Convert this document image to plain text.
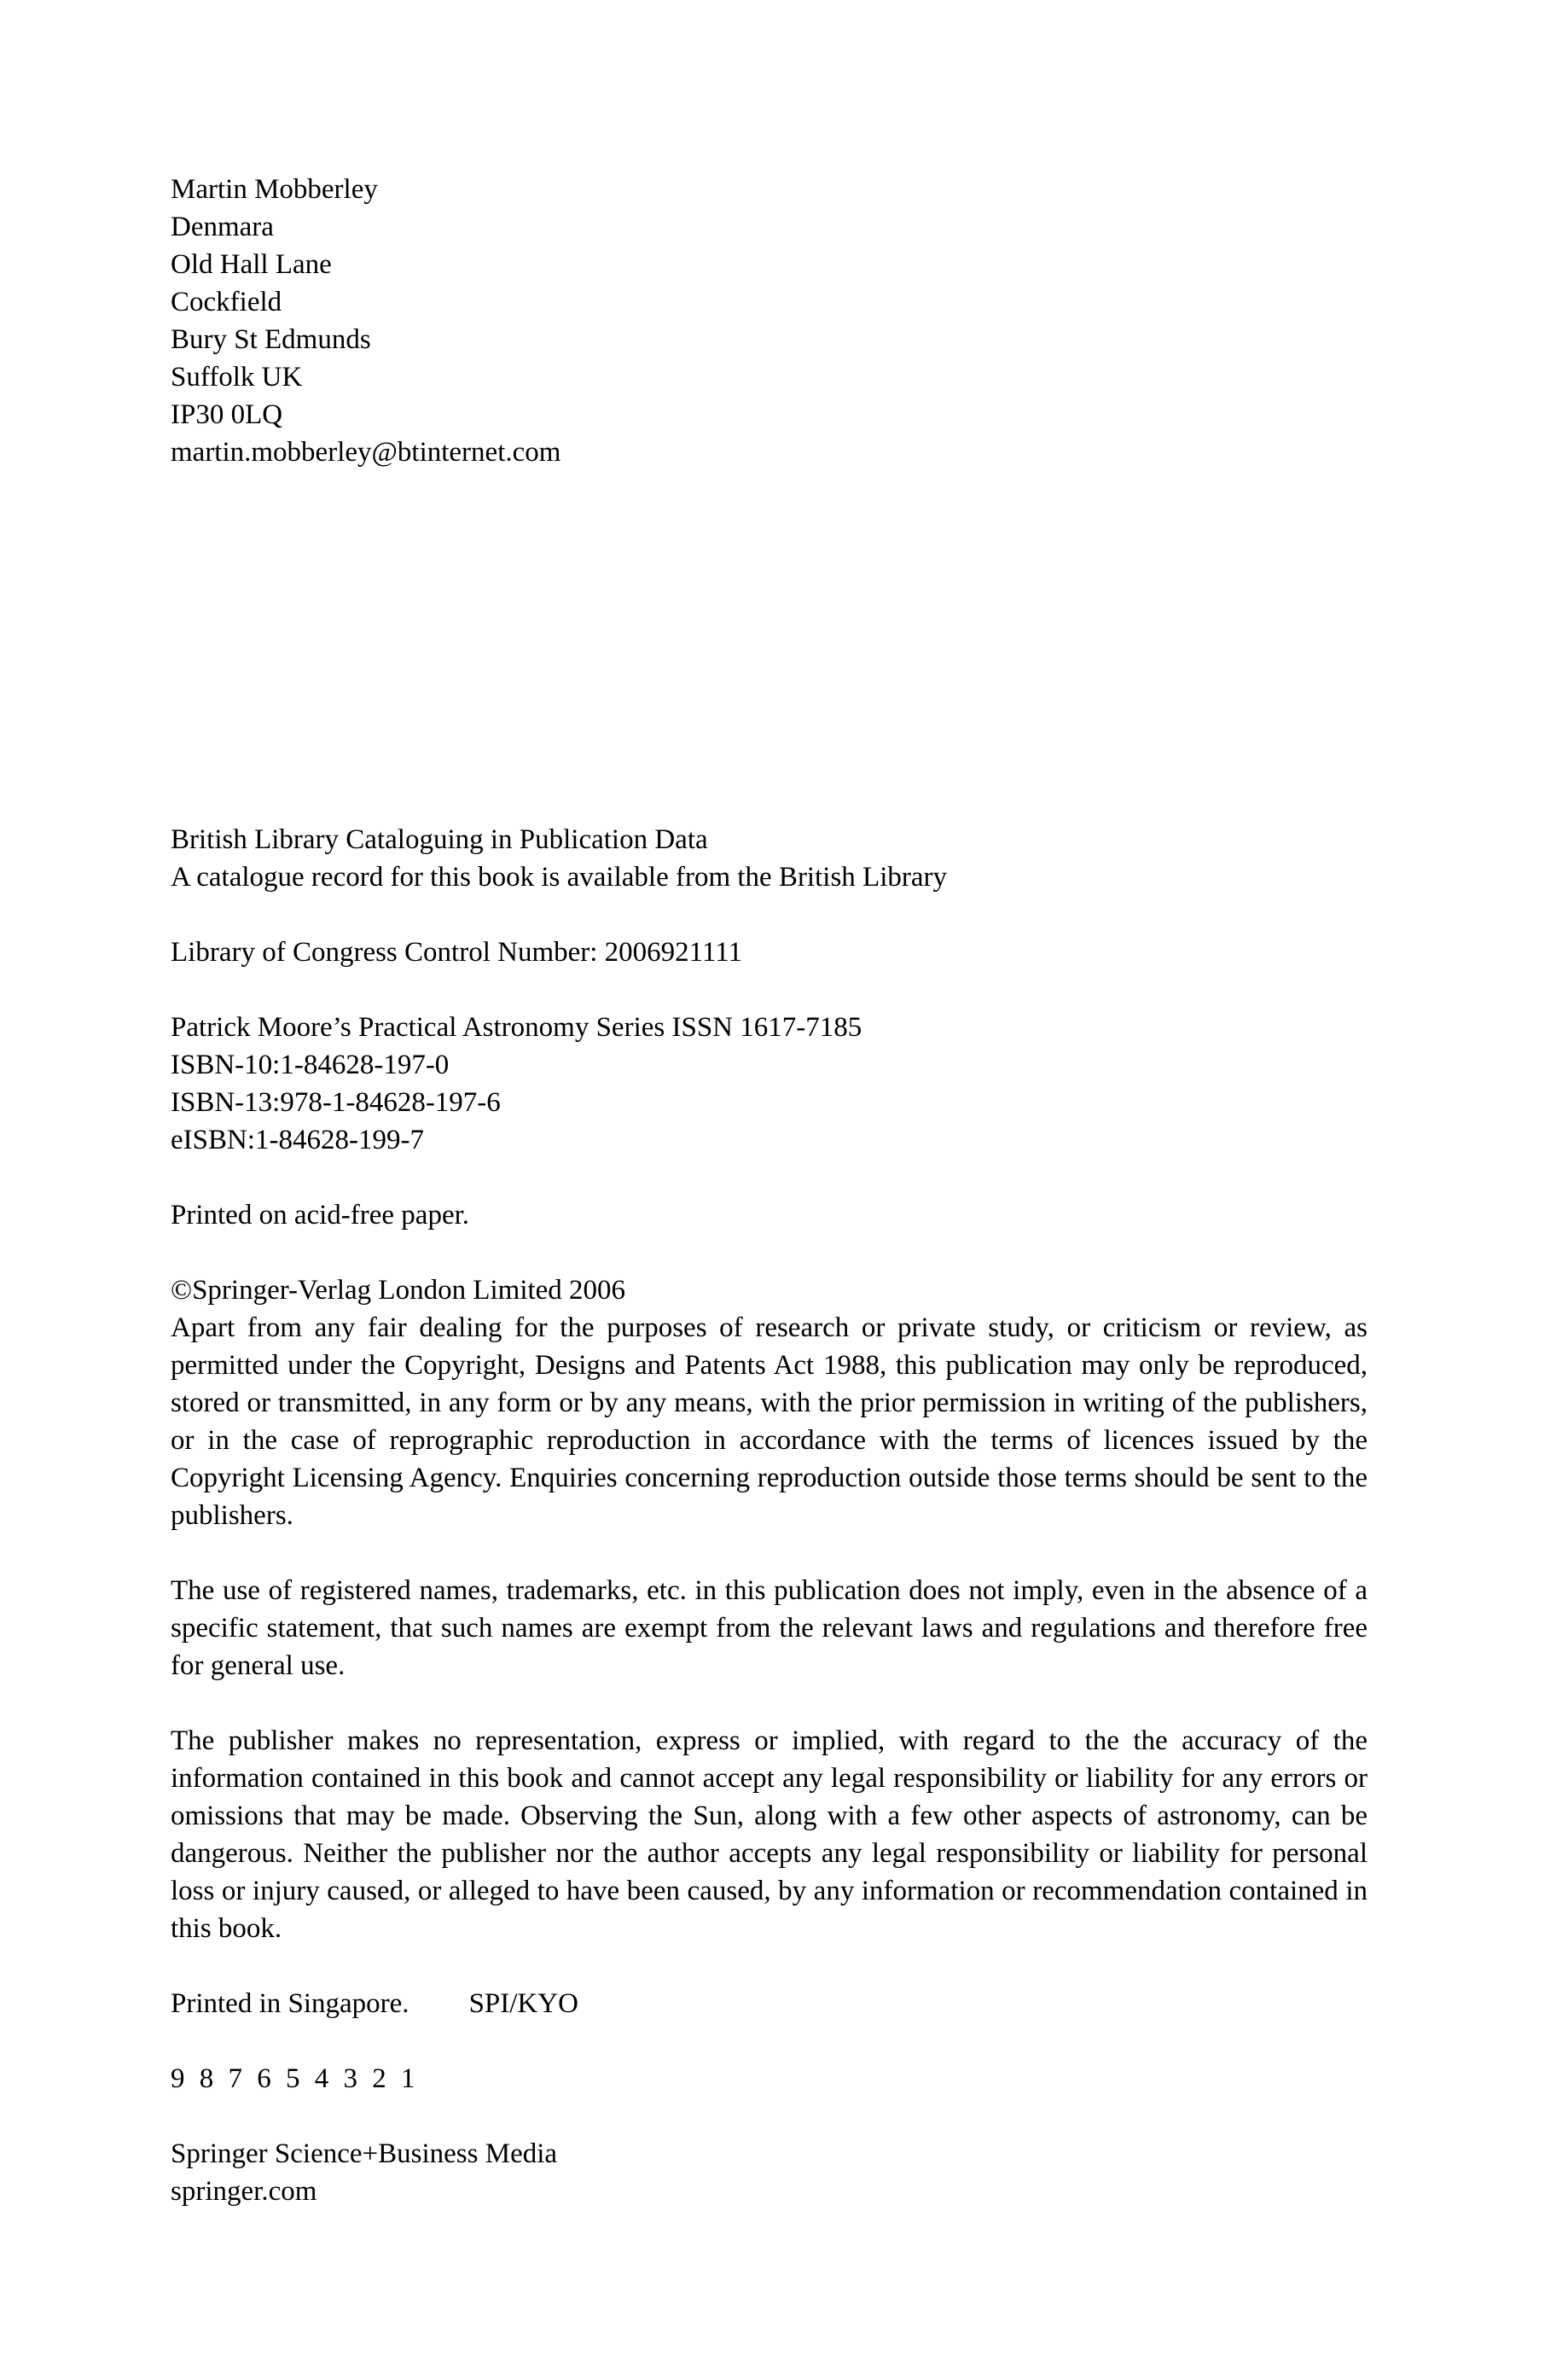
Martin Mobberley
Denmara
Old Hall Lane
Cockfield
Bury St Edmunds
Suffolk UK
IP30 0LQ
martin.mobberley@btinternet.com
British Library Cataloguing in Publication Data
A catalogue record for this book is available from the British Library
Library of Congress Control Number: 2006921111
Patrick Moore’s Practical Astronomy Series ISSN 1617-7185
ISBN-10:1-84628-197-0
ISBN-13:978-1-84628-197-6
eISBN:1-84628-199-7
Printed on acid-free paper.
©Springer-Verlag London Limited 2006

Apart from any fair dealing for the purposes of research or private study, or criticism or review, as permitted under the Copyright, Designs and Patents Act 1988, this publication may only be reproduced, stored or transmitted, in any form or by any means, with the prior permission in writing of the publishers, or in the case of reprographic reproduction in accordance with the terms of licences issued by the Copyright Licensing Agency. Enquiries concerning reproduction outside those terms should be sent to the publishers.

The use of registered names, trademarks, etc. in this publication does not imply, even in the absence of a specific statement, that such names are exempt from the relevant laws and regulations and therefore free for general use.

The publisher makes no representation, express or implied, with regard to the the accuracy of the information contained in this book and cannot accept any legal responsibility or liability for any errors or omissions that may be made. Observing the Sun, along with a few other aspects of astronomy, can be dangerous. Neither the publisher nor the author accepts any legal responsibility or liability for personal loss or injury caused, or alleged to have been caused, by any information or recommendation contained in this book.

Printed in Singapore. SPI/KYO
9 8 7 6 5 4 3 2 1
Springer Science+Business Media
springer.com
